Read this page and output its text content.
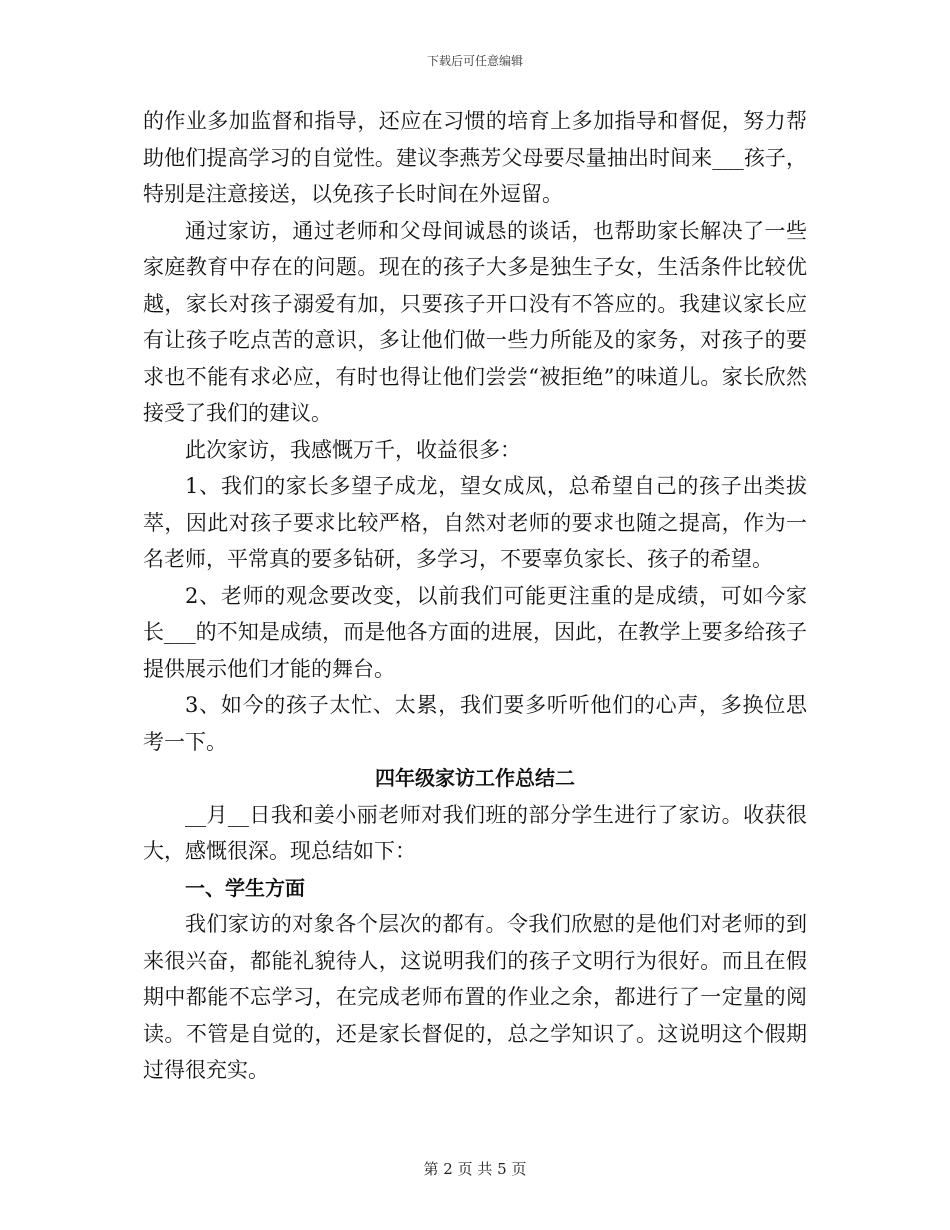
下载后可任意编辑

的作业多加监督和指导，还应在习惯的培育上多加指导和督促，努力帮助他们提高学习的自觉性。建议李燕芳父母要尽量抽出时间来___孩子，特别是注意接送，以免孩子长时间在外逗留。

通过家访，通过老师和父母间诚恳的谈话，也帮助家长解决了一些家庭教育中存在的问题。现在的孩子大多是独生子女，生活条件比较优越，家长对孩子溺爱有加，只要孩子开口没有不答应的。我建议家长应有让孩子吃点苦的意识，多让他们做一些力所能及的家务，对孩子的要求也不能有求必应，有时也得让他们尝尝“被拒绝”的味道儿。家长欣然接受了我们的建议。

此次家访，我感慨万千，收益很多：

1、我们的家长多望子成龙，望女成凤，总希望自己的孩子出类拔萃，因此对孩子要求比较严格，自然对老师的要求也随之提高，作为一名老师，平常真的要多钻研，多学习，不要辜负家长、孩子的希望。

2、老师的观念要改变，以前我们可能更注重的是成绩，可如今家长___的不知是成绩，而是他各方面的进展，因此，在教学上要多给孩子提供展示他们才能的舞台。

3、如今的孩子太忙、太累，我们要多听听他们的心声，多换位思考一下。

四年级家访工作总结二

__月__日我和姜小丽老师对我们班的部分学生进行了家访。收获很大，感慨很深。现总结如下：

一、学生方面

我们家访的对象各个层次的都有。令我们欣慰的是他们对老师的到来很兴奋，都能礼貌待人，这说明我们的孩子文明行为很好。而且在假期中都能不忘学习，在完成老师布置的作业之余，都进行了一定量的阅读。不管是自觉的，还是家长督促的，总之学知识了。这说明这个假期过得很充实。

第 2 页 共 5 页
